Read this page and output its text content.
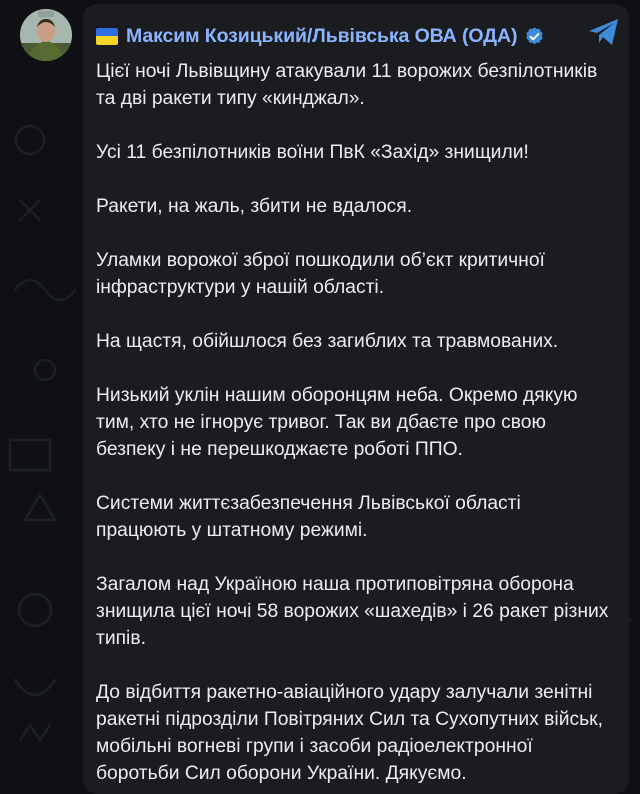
Максим Козицький/Львівська ОВА (ОДА)

Цієї ночі Львівщину атакували 11 ворожих безпілотників та дві ракети типу «кинджал».

Усі 11 безпілотників воїни ПвК «Захід» знищили!

Ракети, на жаль, збити не вдалося.

Уламки ворожої зброї пошкодили об’єкт критичної інфраструктури у нашій області.

На щастя, обійшлося без загиблих та травмованих.

Низький уклін нашим оборонцям неба. Окремо дякую тим, хто не ігнорує тривог. Так ви дбаєте про свою безпеку і не перешкоджаєте роботі ППО.

Системи життєзабезпечення Львівської області працюють у штатному режимі.

Загалом над Україною наша протиповітряна оборона знищила цієї ночі 58 ворожих «шахедів» і 26 ракет різних типів.

До відбиття ракетно-авіаційного удару залучали зенітні ракетні підрозділи Повітряних Сил та Сухопутних військ, мобільні вогневі групи і засоби радіоелектронної боротьби Сил оборони України. Дякуємо.
